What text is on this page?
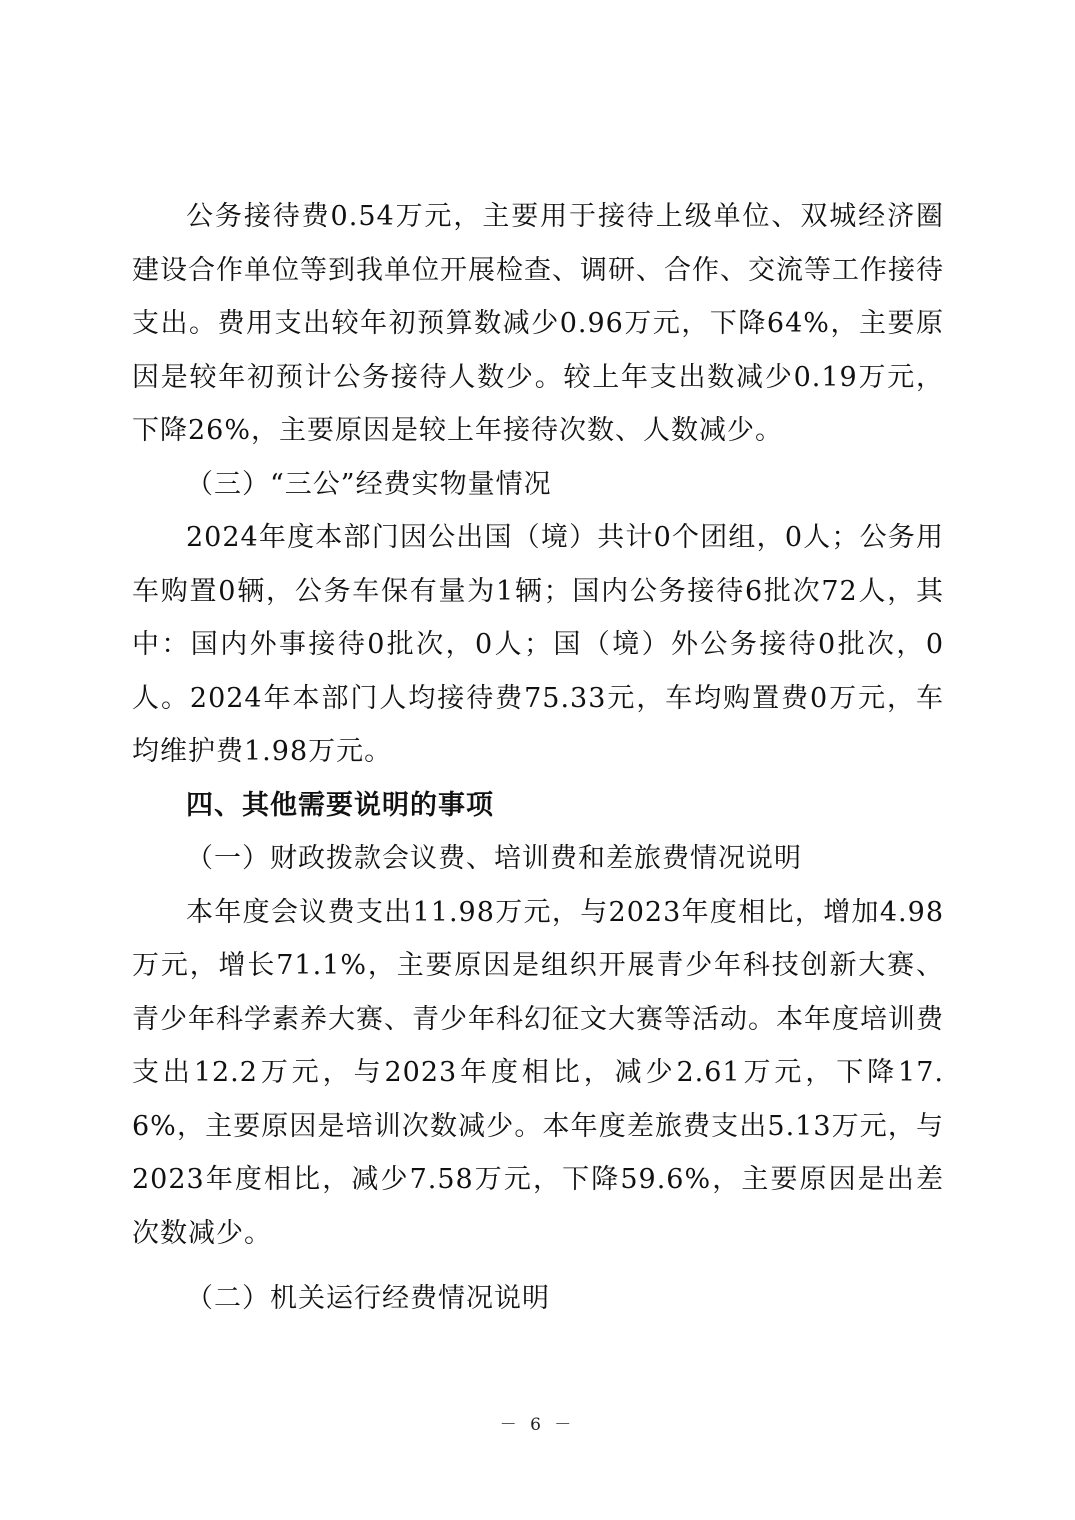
公务接待费0.54万元，主要用于接待上级单位、双城经济圈建设合作单位等到我单位开展检查、调研、合作、交流等工作接待支出。费用支出较年初预算数减少0.96万元，下降64%，主要原因是较年初预计公务接待人数少。较上年支出数减少0.19万元，下降26%，主要原因是较上年接待次数、人数减少。

（三）“三公”经费实物量情况

2024年度本部门因公出国（境）共计0个团组，0人；公务用车购置0辆，公务车保有量为1辆；国内公务接待6批次72人，其中：国内外事接待0批次，0人；国（境）外公务接待0批次，0人。2024年本部门人均接待费75.33元，车均购置费0万元，车均维护费1.98万元。

四、其他需要说明的事项

（一）财政拨款会议费、培训费和差旅费情况说明

本年度会议费支出11.98万元，与2023年度相比，增加4.98万元，增长71.1%，主要原因是组织开展青少年科技创新大赛、青少年科学素养大赛、青少年科幻征文大赛等活动。本年度培训费支出12.2万元，与2023年度相比，减少2.61万元，下降17.6%，主要原因是培训次数减少。本年度差旅费支出5.13万元，与2023年度相比，减少7.58万元，下降59.6%，主要原因是出差次数减少。

（二）机关运行经费情况说明

－ 6 －
